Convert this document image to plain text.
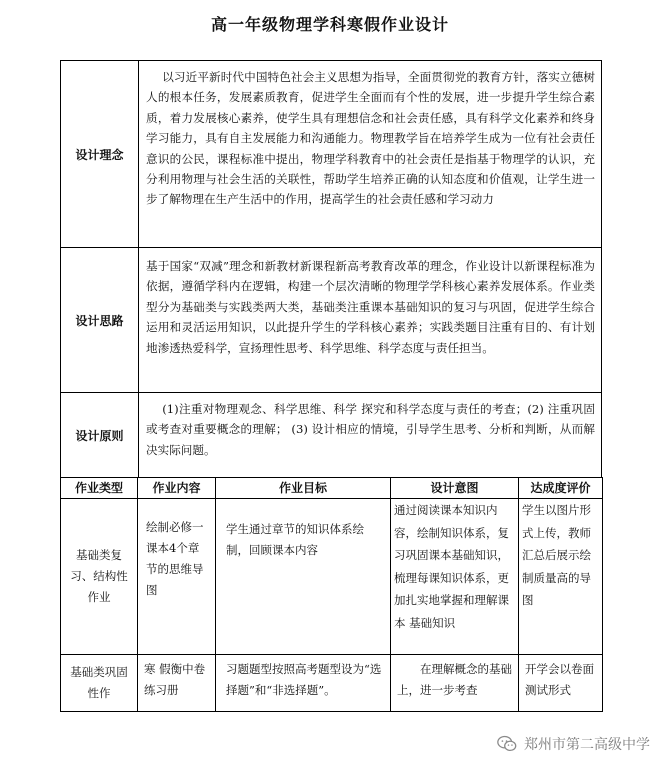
高一年级物理学科寒假作业设计
设计理念
以习近平新时代中国特色社会主义思想为指导，全面贯彻党的教育方针，落实立德树人的根本任务，发展素质教育，促进学生全面而有个性的发展，进一步提升学生综合素质，着力发展核心素养，使学生具有理想信念和社会责任感，具有科学文化素养和终身学习能力，具有自主发展能力和沟通能力。物理教学旨在培养学生成为一位有社会责任意识的公民，课程标准中提出，物理学科教育中的社会责任是指基于物理学的认识，充分利用物理与社会生活的关联性，帮助学生培养正确的认知态度和价值观，让学生进一步了解物理在生产生活中的作用，提高学生的社会责任感和学习动力
设计思路
基于国家“双减”理念和新教材新课程新高考教育改革的理念，作业设计以新课程标准为依据，遵循学科内在逻辑，构建一个层次清晰的物理学学科核心素养发展体系。作业类型分为基础类与实践类两大类，基础类注重课本基础知识的复习与巩固，促进学生综合运用和灵活运用知识，以此提升学生的学科核心素养；实践类题目注重有目的、有计划地渗透热爱科学，宣扬理性思考、科学思维、科学态度与责任担当。
设计原则
(1)注重对物理观念、科学思维、科学 探究和科学态度与责任的考查；(2) 注重巩固或考查对重要概念的理解； (3) 设计相应的情境，引导学生思考、分析和判断，从而解决实际问题。
作业类型	作业内容	作业目标	设计意图	达成度评价
基础类复习、结构性作业	绘制必修一课本4个章节的思维导图	学生通过章节的知识体系绘制，回顾课本内容	通过阅读课本知识内容，绘制知识体系，复习巩固课本基础知识，梳理每课知识体系，更加扎实地掌握和理解课本 基础知识	学生以图片形式上传，教师汇总后展示绘制质量高的导图
基础类巩固性作	寒 假衡中卷练习册	习题题型按照高考题型设为“选择题”和“非选择题”。	在理解概念的基础上，进一步考查	开学会以卷面测试形式
郑州市第二高级中学
